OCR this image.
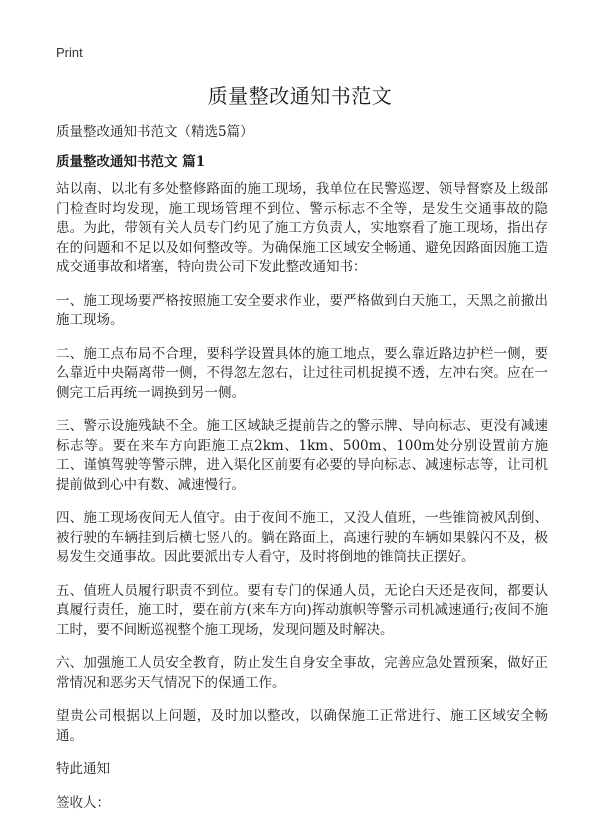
Print
质量整改通知书范文

质量整改通知书范文（精选5篇）

质量整改通知书范文 篇1

站以南、以北有多处整修路面的施工现场，我单位在民警巡逻、领导督察及上级部门检查时均发现，施工现场管理不到位、警示标志不全等，是发生交通事故的隐患。为此，带领有关人员专门约见了施工方负责人，实地察看了施工现场，指出存在的问题和不足以及如何整改等。为确保施工区域安全畅通、避免因路面因施工造成交通事故和堵塞，特向贵公司下发此整改通知书：

一、施工现场要严格按照施工安全要求作业，要严格做到白天施工，天黑之前撤出施工现场。

二、施工点布局不合理，要科学设置具体的施工地点，要么靠近路边护栏一侧，要么靠近中央隔离带一侧，不得忽左忽右，让过往司机捉摸不透，左冲右突。应在一侧完工后再统一调换到另一侧。

三、警示设施残缺不全。施工区域缺乏提前告之的警示牌、导向标志、更没有减速标志等。要在来车方向距施工点2km、1km、500m、100m处分别设置前方施工、谨慎驾驶等警示牌，进入渠化区前要有必要的导向标志、减速标志等，让司机提前做到心中有数、减速慢行。

四、施工现场夜间无人值守。由于夜间不施工，又没人值班，一些锥筒被风刮倒、被行驶的车辆挂到后横七竖八的。躺在路面上，高速行驶的车辆如果躲闪不及，极易发生交通事故。因此要派出专人看守，及时将倒地的锥筒扶正摆好。

五、值班人员履行职责不到位。要有专门的保通人员，无论白天还是夜间，都要认真履行责任，施工时，要在前方(来车方向)挥动旗帜等警示司机减速通行;夜间不施工时，要不间断巡视整个施工现场，发现问题及时解决。

六、加强施工人员安全教育，防止发生自身安全事故，完善应急处置预案，做好正常情况和恶劣天气情况下的保通工作。

望贵公司根据以上问题，及时加以整改，以确保施工正常进行、施工区域安全畅通。

特此通知

签收人：
